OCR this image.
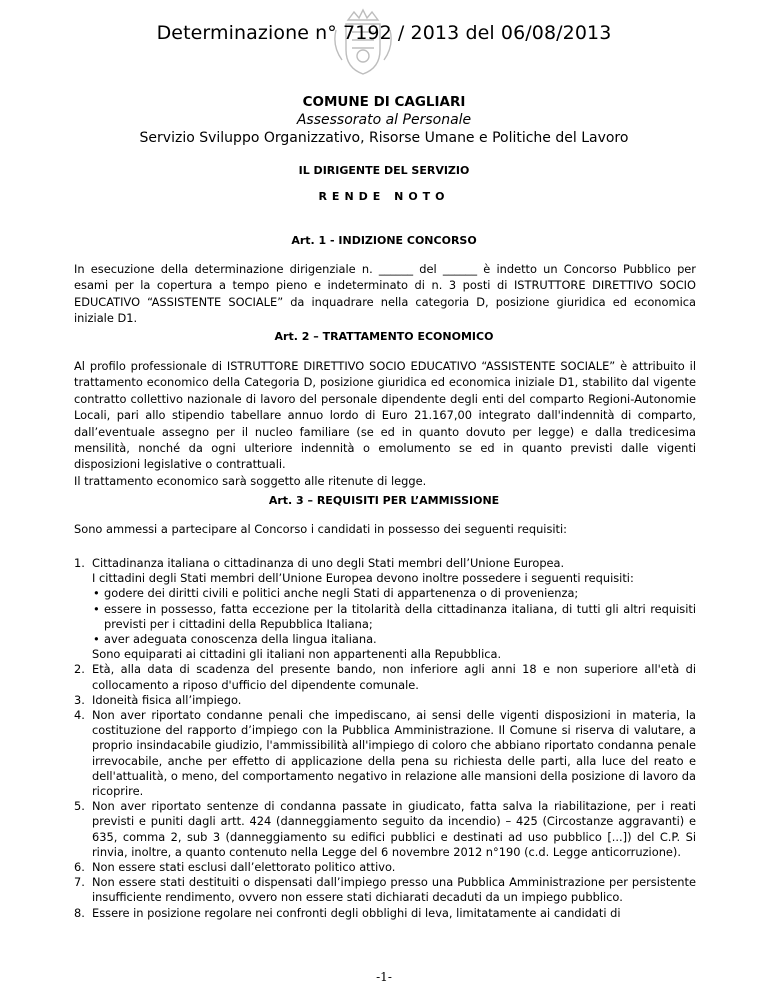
Determinazione n° 7192 / 2013 del 06/08/2013
COMUNE DI CAGLIARI
Assessorato al Personale
Servizio Sviluppo Organizzativo, Risorse Umane e Politiche del Lavoro
IL DIRIGENTE DEL SERVIZIO
RENDE NOTO
Art. 1 - INDIZIONE CONCORSO

In esecuzione della determinazione dirigenziale n. ______ del ______ è indetto un Concorso Pubblico per esami per la copertura a tempo pieno e indeterminato di n. 3 posti di ISTRUTTORE DIRETTIVO SOCIO EDUCATIVO “ASSISTENTE SOCIALE” da inquadrare nella categoria D, posizione giuridica ed economica iniziale D1.

Art. 2 – TRATTAMENTO ECONOMICO

Al profilo professionale di ISTRUTTORE DIRETTIVO SOCIO EDUCATIVO “ASSISTENTE SOCIALE” è attribuito il trattamento economico della Categoria D, posizione giuridica ed economica iniziale D1, stabilito dal vigente contratto collettivo nazionale di lavoro del personale dipendente degli enti del comparto Regioni-Autonomie Locali, pari allo stipendio tabellare annuo lordo di Euro 21.167,00 integrato dall'indennità di comparto, dall’eventuale assegno per il nucleo familiare (se ed in quanto dovuto per legge) e dalla tredicesima mensilità, nonché da ogni ulteriore indennità o emolumento se ed in quanto previsti dalle vigenti disposizioni legislative o contrattuali.

Il trattamento economico sarà soggetto alle ritenute di legge.

Art. 3 – REQUISITI PER L’AMMISSIONE

Sono ammessi a partecipare al Concorso i candidati in possesso dei seguenti requisiti:

1. Cittadinanza italiana o cittadinanza di uno degli Stati membri dell’Unione Europea.
I cittadini degli Stati membri dell’Unione Europea devono inoltre possedere i seguenti requisiti:
• godere dei diritti civili e politici anche negli Stati di appartenenza o di provenienza;
• essere in possesso, fatta eccezione per la titolarità della cittadinanza italiana, di tutti gli altri requisiti previsti per i cittadini della Repubblica Italiana;
• aver adeguata conoscenza della lingua italiana.
Sono equiparati ai cittadini gli italiani non appartenenti alla Repubblica.
2. Età, alla data di scadenza del presente bando, non inferiore agli anni 18 e non superiore all'età di collocamento a riposo d'ufficio del dipendente comunale.
3. Idoneità fisica all’impiego.
4. Non aver riportato condanne penali che impediscano, ai sensi delle vigenti disposizioni in materia, la costituzione del rapporto d’impiego con la Pubblica Amministrazione. Il Comune si riserva di valutare, a proprio insindacabile giudizio, l'ammissibilità all'impiego di coloro che abbiano riportato condanna penale irrevocabile, anche per effetto di applicazione della pena su richiesta delle parti, alla luce del reato e dell'attualità, o meno, del comportamento negativo in relazione alle mansioni della posizione di lavoro da ricoprire.
5. Non aver riportato sentenze di condanna passate in giudicato, fatta salva la riabilitazione, per i reati previsti e puniti dagli artt. 424 (danneggiamento seguito da incendio) – 425 (Circostanze aggravanti) e 635, comma 2, sub 3 (danneggiamento su edifici pubblici e destinati ad uso pubblico [...]) del C.P. Si rinvia, inoltre, a quanto contenuto nella Legge del 6 novembre 2012 n°190 (c.d. Legge anticorruzione).
6. Non essere stati esclusi dall’elettorato politico attivo.
7. Non essere stati destituiti o dispensati dall’impiego presso una Pubblica Amministrazione per persistente insufficiente rendimento, ovvero non essere stati dichiarati decaduti da un impiego pubblico.
8. Essere in posizione regolare nei confronti degli obblighi di leva, limitatamente ai candidati di
-1-
